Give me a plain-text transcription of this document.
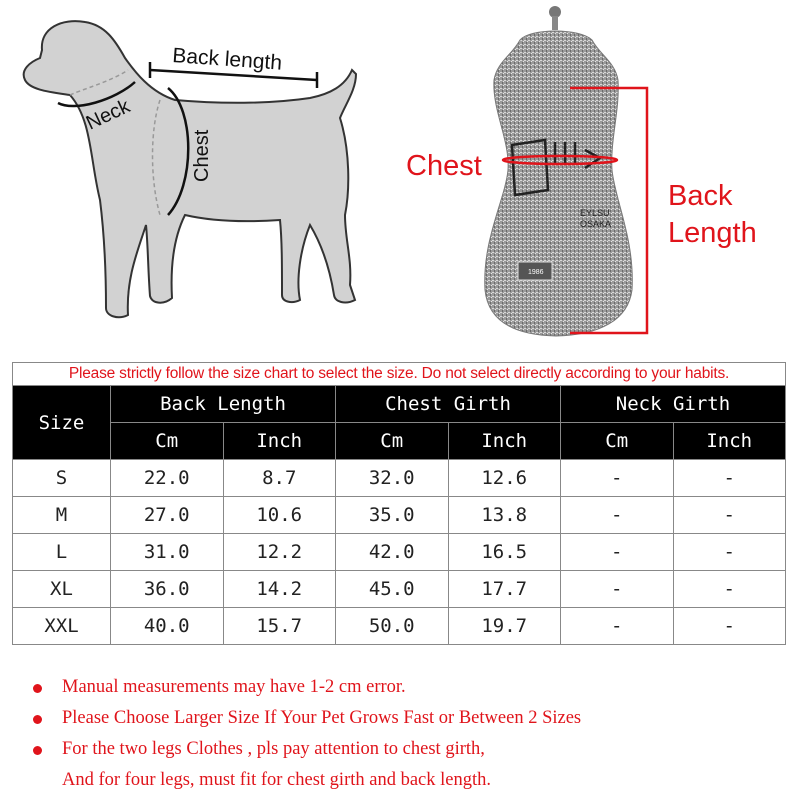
Back length
Neck
Chest
EYLSU
OSAKA
1986
Chest
Back
Length
Please strictly follow the size chart to select the size. Do not select directly according to your habits.						
Size	Back Length		Chest Girth		Neck Girth	
	Cm	Inch	Cm	Inch	Cm	Inch
S	22.0	8.7	32.0	12.6	-	-
M	27.0	10.6	35.0	13.8	-	-
L	31.0	12.2	42.0	16.5	-	-
XL	36.0	14.2	45.0	17.7	-	-
XXL	40.0	15.7	50.0	19.7	-	-
Manual measurements may have 1-2 cm error.
Please Choose Larger Size If Your Pet Grows Fast or Between 2 Sizes
For the two legs Clothes , pls pay attention to chest girth,
And for four legs, must fit for chest girth and back length.
